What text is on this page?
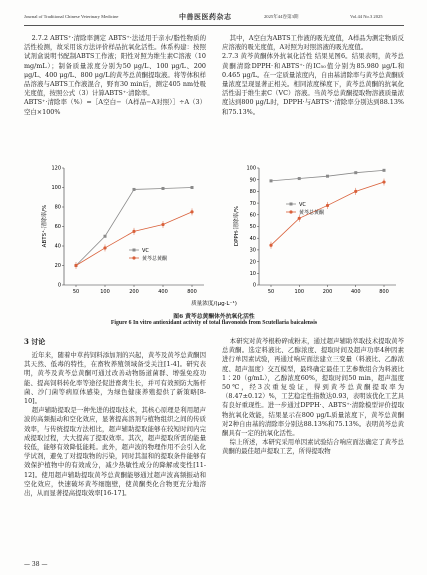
Journal of Traditional Chinese Veterinary Medicine	中兽医医药杂志	2025年44卷第3期	Vol.44 No.3 2025

2.7.2 ABTS⁺·清除率测定 ABTS⁺·法适用于亲水/脂性物质的活性检测，故采用该方法评价样品抗氧化活性。体系构建：按照试剂盒说明书配制ABTS工作液；阳性对照为维生素C溶液（10 mg/mL）；制备质量浓度分别为50 μg/L、100 μg/L、200 μg/L、400 μg/L、800 μg/L的黄芩总黄酮提取液。将等体积样品溶液与ABTS工作液混合，野育30 min后，测定405 nm处吸光度值，按照公式（3）计算ABTS⁺·清除率。

ABTS⁺·清除率（%）=［A空白−（A样品−A对照）］÷A空白×100%
（3）

其中，A空白为ABTS工作液的吸光度值，A样品为测定物质反应溶液的吸光度值，A对照为对照溶液的吸光度值。

2.7.3 黄芩黄酮体外抗氧化活性 结果见图6。结果表明，黄芩总黄酮清除DPPH·和ABTS⁺·的IC₅₀值分别为85.980 μg/L和0.465 μg/L。在一定质量浓度内，自由基清除率与黄芩总黄酮质量浓度呈现显著正相关。相同浓度梯度下，黄芩总黄酮的抗氧化活性弱于维生素C（VC）溶液。当黄芩总黄酮提取物溶液质量浓度达到800 μg/L时，DPPH·与ABTS⁺·清除率分别达到88.13%和75.13%。

ABTS⁺·清除率/%
0
20
40
60
80
100
120
50	100	200	400	800
VC
黄芩总黄酮
DPPH·清除率/%
0
10
20
30
40
50
60
70
80
90
100
50	100	200	400	800
VC
黄芩总黄酮
质量浓度/(μg·L⁻¹)
图6 黄芩总黄酮体外抗氧化活性
Figure 6 In vitro antioxidant activity of total flavonoids from Scutellaria baicalensis
3 讨论

近年来，随着中草药饲料添加剂的兴起，黄芩及黄芩总黄酮因其天然、低毒的特性，在畜牧养殖领域备受关注[1-4]。研究表明，黄芩及黄芩总黄酮可通过改善动物肠道菌群、增强免疫功能、提高饲料转化率等途径促进畜禽生长，并可有效预防大肠杆菌、沙门菌等病原体感染，为绿色健康养殖提供了新策略[8-10]。

超声辅助提取是一种先进的提取技术，其核心原理是利用超声波的高频振动和空化效应，显著提高溶剂与植物组织之间的传质效率，与传统提取方法相比，超声辅助提取能够在较短时间内完成提取过程，大大提高了提取效率。其次，超声提取所需的能量较低，能够有效降低能耗。此外，超声波的物理作用不会引入化学试剂，避免了对提取物的污染，同时其温和的提取条件能够有效保护植物中的有效成分，减少热敏性成分的降解或变性[11-12]。使用超声辅助提取黄芩总黄酮能够通过超声波高频振动和空化效应，快速破坏黄芩细胞壁，使黄酮类化合物更充分地溶出，从而显著提高提取效率[16-17]。

本研究对黄芩根粉碎成粉末，通过超声辅助萃取技术提取黄芩总黄酮。选定料液比、乙醇浓度、提取时间及超声功率4种因素进行单因素试验，再通过响应面法建立三变量（料液比、乙醇浓度、超声温度）交互模型，最终确定最佳工艺参数组合为料液比1∶20（g/mL），乙醇浓度60%，提取时间50 min，超声温度50℃，经3次重复验证，得到黄芩总黄酮提取率为（8.47±0.12）%，工艺稳定性指数达0.93，表明该优化工艺具有良好重现性。进一步通过DPPH·、ABTS⁺·清除模型评价提取物抗氧化效能，结果显示在800 μg/L质量浓度下，黄芩总黄酮对2种自由基的清除率分别达88.13%和75.13%。表明黄芩总黄酮具有一定的抗氧化活性。

综上所述，本研究采用单因素试验结合响应面法确定了黄芩总黄酮的最佳超声提取工艺，所得提取物

— 38 —
